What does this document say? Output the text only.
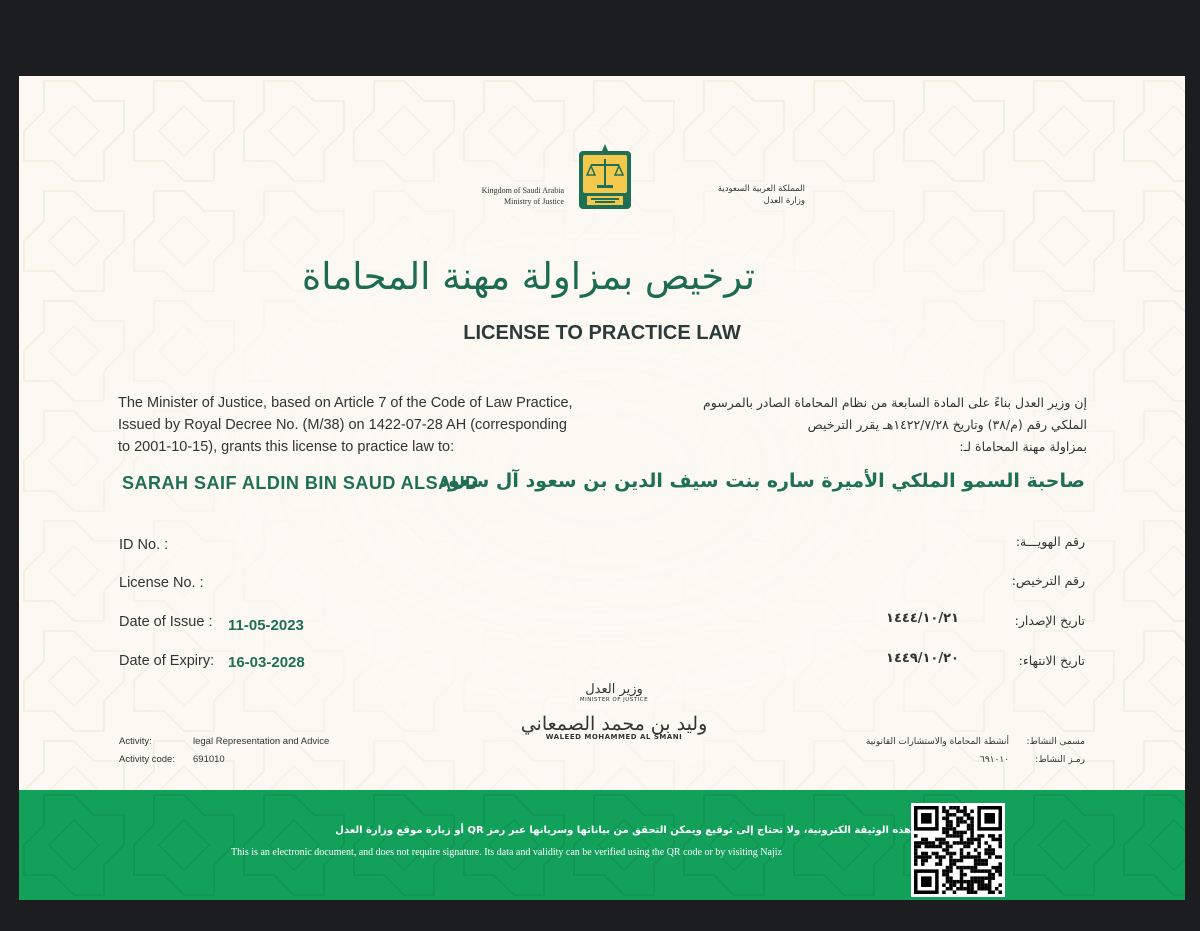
Kingdom of Saudi Arabia
Ministry of Justice
المملكة العربية السعودية
وزارة العدل
ترخيص بمزاولة مهنة المحاماة
LICENSE TO PRACTICE LAW
The Minister of Justice, based on Article 7 of the Code of Law Practice,
Issued by Royal Decree No. (M/38) on 1422-07-28 AH (corresponding
to 2001-10-15), grants this license to practice law to:
إن وزير العدل بناءً على المادة السابعة من نظام المحاماة الصادر بالمرسوم
الملكي رقم (م/٣٨) وتاريخ ١٤٢٢/٧/٢٨هـ يقرر الترخيص
بمزاولة مهنة المحاماة لـ:
SARAH SAIF ALDIN BIN SAUD ALSAUD
صاحبة السمو الملكي الأميرة ساره بنت سيف الدين بن سعود آل سعود
ID No. :
License No. :
Date of Issue : 11-05-2023
Date of Expiry: 16-03-2028
رقم الهويـــة:
رقم الترخيص:
تاريخ الإصدار:
١٤٤٤/١٠/٢١
تاريخ الانتهاء:
١٤٤٩/١٠/٢٠
وزير العدل
MINISTER OF JUSTICE
وليد بن محمد الصمعاني
WALEED MOHAMMED AL SMANI
Activity:	legal Representation and Advice
Activity code: 691010
مسمى النشاط:
أنشطة المحاماة والاستشارات القانونية
رمـز النشاط:
٦٩١٠١٠
هذه الوثيقة الكترونية، ولا تحتاج إلى توقيع ويمكن التحقق من بياناتها وسريانها عبر رمز QR أو زيارة موقع وزارة العدل
This is an electronic document, and does not require signature. Its data and validity can be verified using the QR code or by visiting Najiz
